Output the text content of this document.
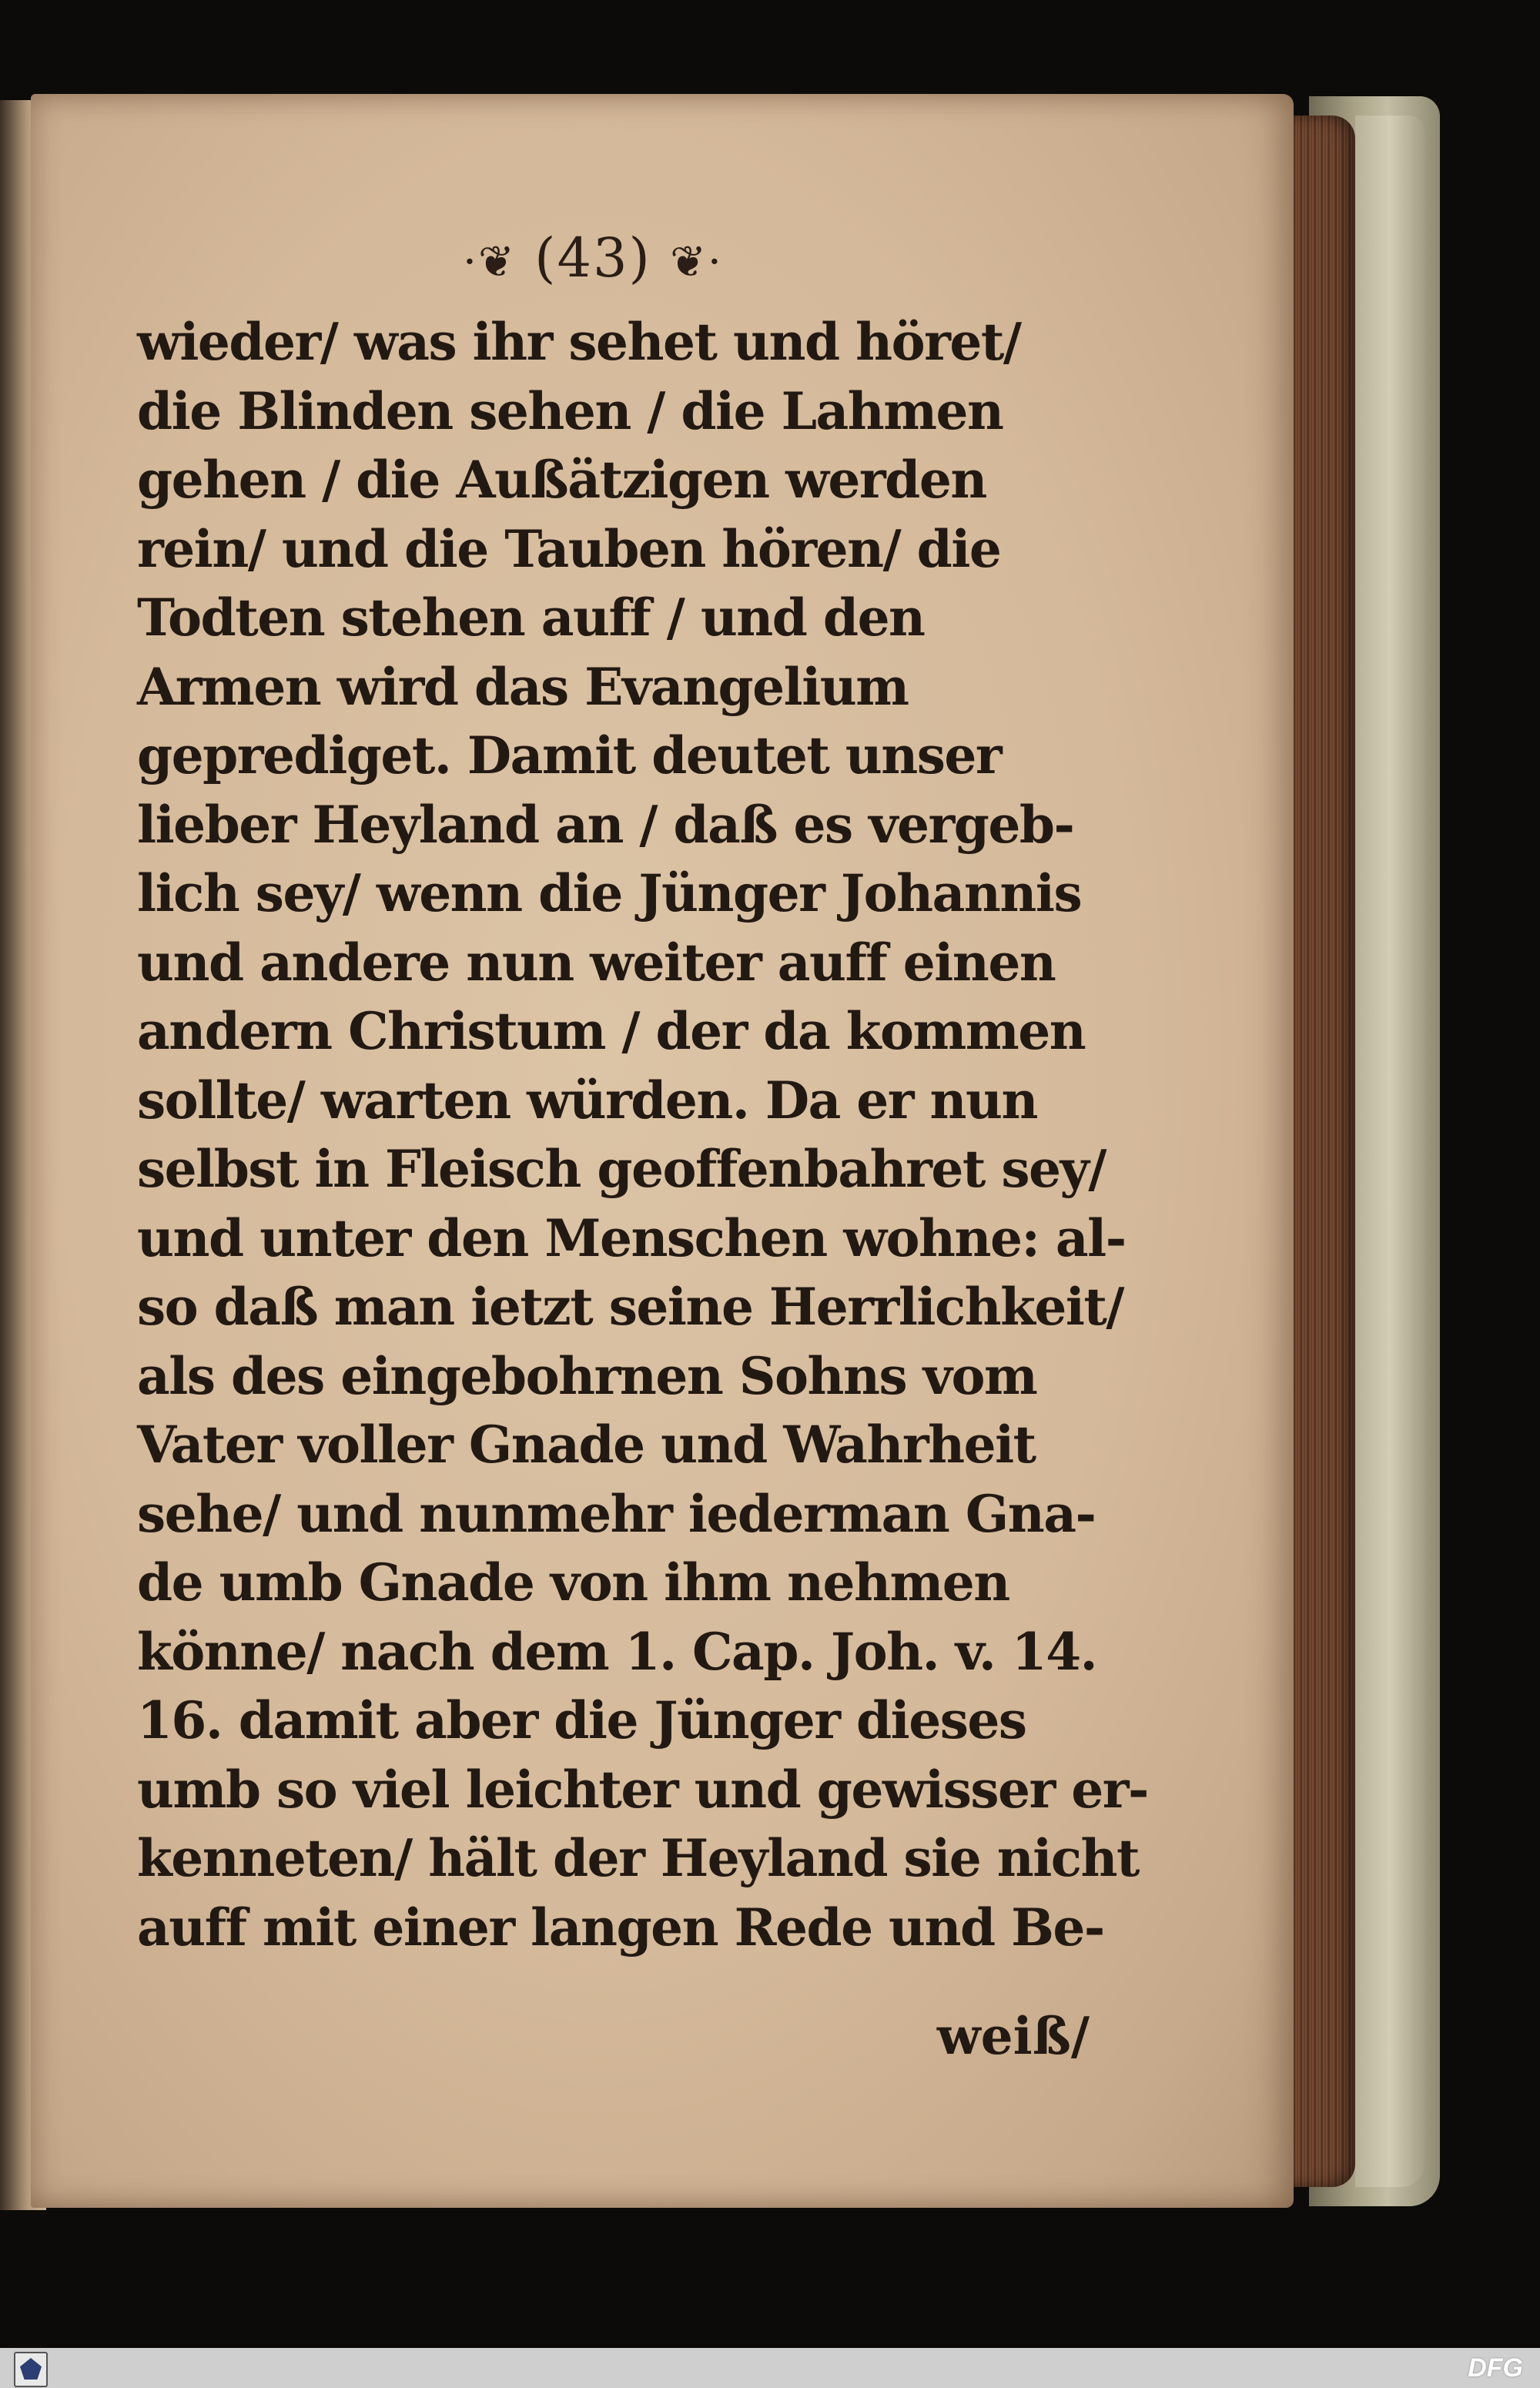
·❦ (43) ❦·
wieder/ was ihr sehet und höret/
die Blinden sehen / die Lahmen
gehen / die Außätzigen werden
rein/ und die Tauben hören/ die
Todten stehen auff / und den
Armen wird das Evangelium
geprediget. Damit deutet unser
lieber Heyland an / daß es vergeb-
lich sey/ wenn die Jünger Johannis
und andere nun weiter auff einen
andern Christum / der da kommen
sollte/ warten würden. Da er nun
selbst in Fleisch geoffenbahret sey/
und unter den Menschen wohne: al-
so daß man ietzt seine Herrlichkeit/
als des eingebohrnen Sohns vom
Vater voller Gnade und Wahrheit
sehe/ und nunmehr iederman Gna-
de umb Gnade von ihm nehmen
könne/ nach dem 1. Cap. Joh. v. 14.
16. damit aber die Jünger dieses
umb so viel leichter und gewisser er-
kenneten/ hält der Heyland sie nicht
auff mit einer langen Rede und Be-
weiß/
DFG
